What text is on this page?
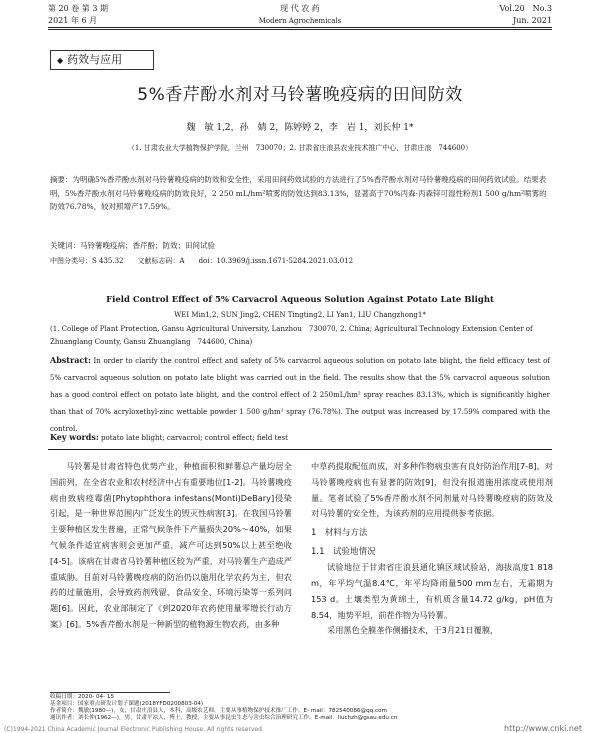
第 20 卷 第 3 期
2021 年 6 月
现 代 农 药
Modern Agrochemicals
Vol.20　No.3
Jun. 2021
◆ 药效与应用
5%香芹酚水剂对马铃薯晚疫病的田间防效
魏　敏 1,2，孙　婧 2，陈婷婷 2，李　岩 1，刘长仲 1*
（1. 甘肃农业大学植物保护学院，兰州　730070；2. 甘肃省庄浪县农业技术推广中心，甘肃庄浪　744600）
摘要：为明确5%香芹酚水剂对马铃薯晚疫病的防效和安全性，采用田间药效试验的方法进行了5%香芹酚水剂对马铃薯晚疫病的田间药效试验。结果表明，5%香芹酚水剂对马铃薯晚疫病的防效良好，2 250 mL/hm²喷雾的防效达到83.13%，显著高于70%丙森·丙森锌可湿性粉剂1 500 g/hm²喷雾的防效76.78%，较对照增产17.59%。
关键词：马铃薯晚疫病；香芹酚；防效；田间试验
中图分类号：S 435.32　　文献标志码：A　　doi：10.3969/j.issn.1671-5284.2021.03.012
Field Control Effect of 5% Carvacrol Aqueous Solution Against Potato Late Blight
WEI Min1,2, SUN Jing2, CHEN Tingting2, LI Yan1, LIU Changzhong1*
(1. College of Plant Protection, Gansu Agricultural University, Lanzhou　730070, 2. China; Agricultural Technology Extension Center of Zhuanglang County, Gansu Zhuanglang　744600, China)
Abstract: In order to clarify the control effect and safety of 5% carvacrol aqueous solution on potato late blight, the field efficacy test of 5% carvacrol aqueous solution on potato late blight was carried out in the field. The results show that the 5% carvacrol aqueous solution has a good control effect on potato late blight, and the control effect of 2 250mL/hm² spray reaches 83.13%, which is significantly higher than that of 70% acryloxethyl-zinc wettable powder 1 500 g/hm² spray (76.78%). The output was increased by 17.59% compared with the control.
Key words: potato late blight; carvacrol; control effect; field test

马铃薯是甘肃省特色优势产业，种植面积和鲜薯总产量均居全国前列，在全省农业和农村经济中占有重要地位[1-2]。马铃薯晚疫病由致病疫霉菌[Phytophthora infestans(Monti)DeBary]侵染引起，是一种世界范围内广泛发生的毁灭性病害[3]。在我国马铃薯主要种植区发生普遍，正常气候条件下产量损失20%～40%，如果气候条件适宜病害则会更加严重，减产可达到50%以上甚至绝收[4-5]。该病在甘肃省马铃薯种植区较为严重，对马铃薯生产造成严重威胁。目前对马铃薯晚疫病的防治仍以施用化学农药为主，但农药的过量施用，会导致药剂残留、食品安全、环境污染等一系列问题[6]。因此，农业部制定了《到2020年农药使用量零增长行动方案》[6]。5%香芹酚水剂是一种新型的植物源生物农药，由多种

中草药提取配伍而成，对多种作物病虫害有良好防治作用[7-8]，对马铃薯晚疫病也有显著的防效[9]，但没有报道施用浓度或使用剂量。笔者试验了5%香芹酚水剂不同剂量对马铃薯晚疫病的防效及对马铃薯的安全性，为该药剂的应用提供参考依据。

1　材料与方法
1.1　试验地情况

试验地位于甘肃省庄浪县通化镇区域试验站，海拔高度1 818 m，年平均气温8.4℃，年平均降雨量500 mm左右，无霜期为153 d。土壤类型为黄绵土，有机质含量14.72 g/kg，pH值为8.54，地势平坦，前茬作物为马铃薯。

采用黑色全膜垄作侧播技术，于3月21日覆膜，

收稿日期：2020- 04- 15
基金项目：国家重点研发计划子课题(2018YFD0200803-04)
作者简介：魏敏(1980—)，女，甘肃庄浪县人，本科，高级农艺师，主要从事植物保护技术推广工作。E- mail：782540086@qq.com
通讯作者：刘长仲(1962—)，男，甘肃平凉人，博士，教授，主要从事昆虫生态与害虫综合治理研究工作。E-mail：liuchzh@gsau.edu.cn
(C)1994-2021 China Academic Journal Electronic Publishing House. All rights reserved.	http://www.cnki.net
